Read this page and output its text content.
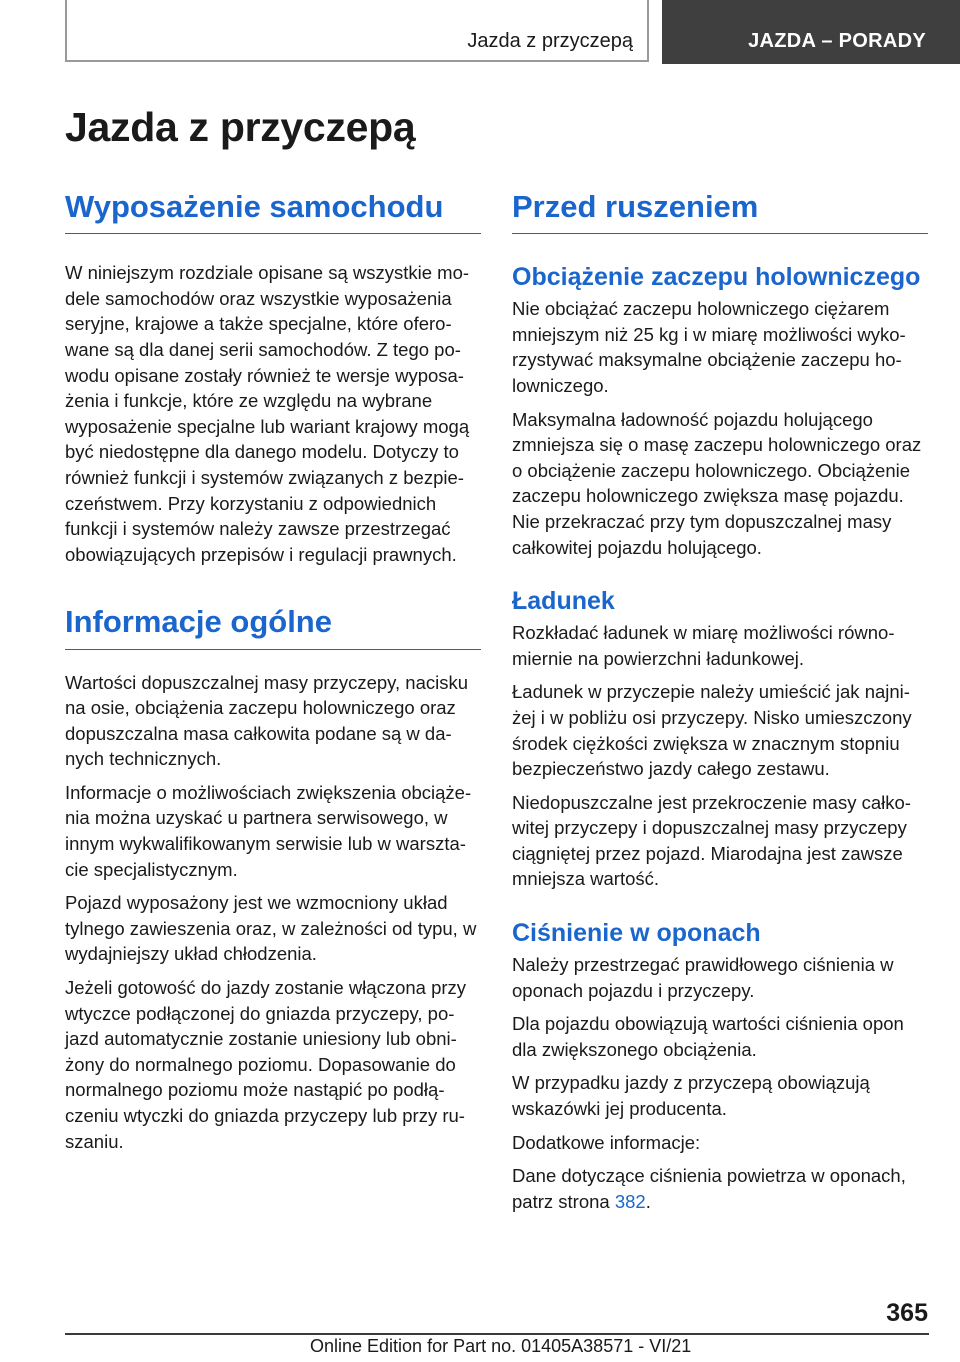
Jazda z przyczepą	JAZDA – PORADY
Jazda z przyczepą
Wyposażenie samochodu

W niniejszym rozdziale opisane są wszystkie mo-dele samochodów oraz wszystkie wyposażenia seryjne, krajowe a także specjalne, które ofero-wane są dla danej serii samochodów. Z tego po-wodu opisane zostały również te wersje wyposa-żenia i funkcje, które ze względu na wybrane wyposażenie specjalne lub wariant krajowy mogą być niedostępne dla danego modelu. Dotyczy to również funkcji i systemów związanych z bezpie-czeństwem. Przy korzystaniu z odpowiednich funkcji i systemów należy zawsze przestrzegać obowiązujących przepisów i regulacji prawnych.

Informacje ogólne

Wartości dopuszczalnej masy przyczepy, nacisku na osie, obciążenia zaczepu holowniczego oraz dopuszczalna masa całkowita podane są w da-nych technicznych.

Informacje o możliwościach zwiększenia obciąże-nia można uzyskać u partnera serwisowego, w innym wykwalifikowanym serwisie lub w warszta-cie specjalistycznym.

Pojazd wyposażony jest we wzmocniony układ tylnego zawieszenia oraz, w zależności od typu, w wydajniejszy układ chłodzenia.

Jeżeli gotowość do jazdy zostanie włączona przy wtyczce podłączonej do gniazda przyczepy, po-jazd automatycznie zostanie uniesiony lub obni-żony do normalnego poziomu. Dopasowanie do normalnego poziomu może nastąpić po podłą-czeniu wtyczki do gniazda przyczepy lub przy ru-szaniu.

Przed ruszeniem
Obciążenie zaczepu holowniczego

Nie obciążać zaczepu holowniczego ciężarem mniejszym niż 25 kg i w miarę możliwości wyko-rzystywać maksymalne obciążenie zaczepu ho-lowniczego.

Maksymalna ładowność pojazdu holującego zmniejsza się o masę zaczepu holowniczego oraz o obciążenie zaczepu holowniczego. Obciążenie zaczepu holowniczego zwiększa masę pojazdu. Nie przekraczać przy tym dopuszczalnej masy całkowitej pojazdu holującego.

Ładunek

Rozkładać ładunek w miarę możliwości równo-miernie na powierzchni ładunkowej.

Ładunek w przyczepie należy umieścić jak najni-żej i w pobliżu osi przyczepy. Nisko umieszczony środek ciężkości zwiększa w znacznym stopniu bezpieczeństwo jazdy całego zestawu.

Niedopuszczalne jest przekroczenie masy całko-witej przyczepy i dopuszczalnej masy przyczepy ciągniętej przez pojazd. Miarodajna jest zawsze mniejsza wartość.

Ciśnienie w oponach

Należy przestrzegać prawidłowego ciśnienia w oponach pojazdu i przyczepy.

Dla pojazdu obowiązują wartości ciśnienia opon dla zwiększonego obciążenia.

W przypadku jazdy z przyczepą obowiązują wskazówki jej producenta.

Dodatkowe informacje:

Dane dotyczące ciśnienia powietrza w oponach, patrz strona 382.

365
Online Edition for Part no. 01405A38571 - VI/21
